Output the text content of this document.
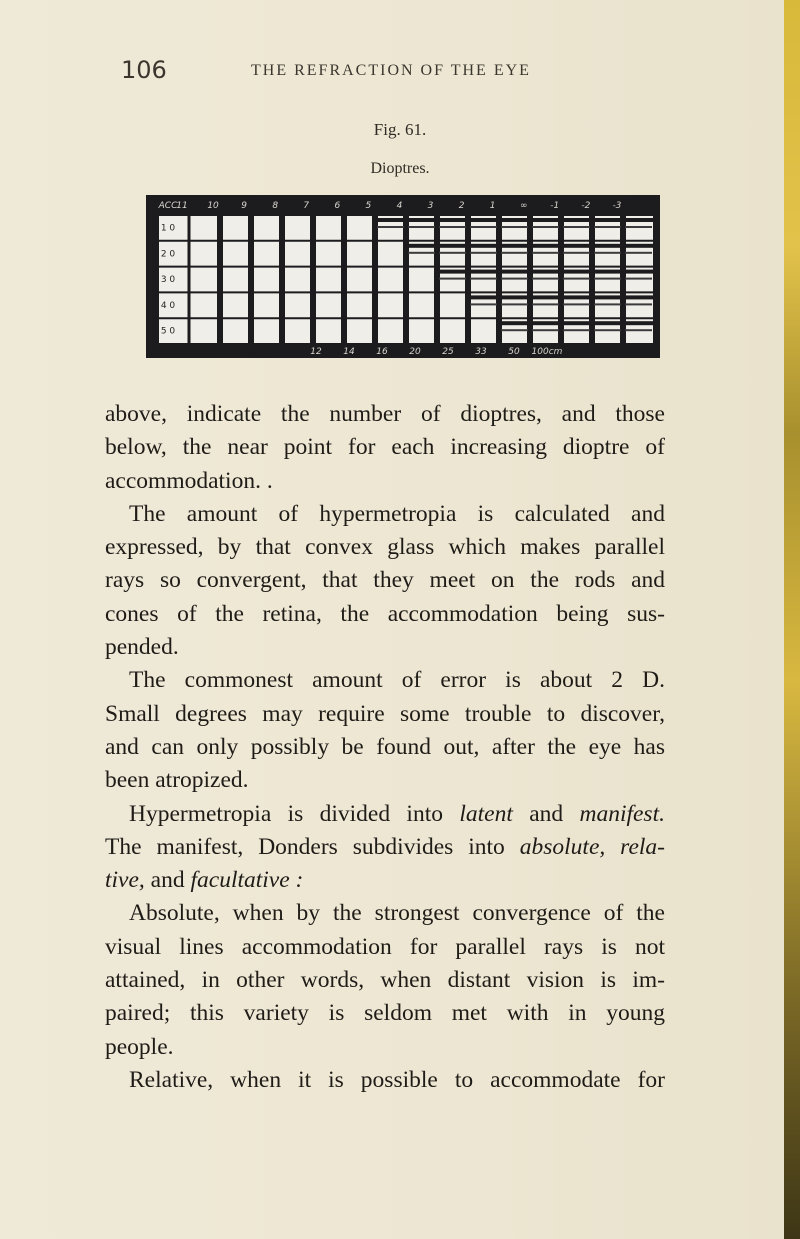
106	THE REFRACTION OF THE EYE
Fig. 61.
Dioptres.
ACC
11 10 9	8	7	6	5	4	3	2	1	∞	-1 -2 -3
1 0
2 0
3 0
4 0
5 0
12 14 16 20 25 33 50 100cm
above, indicate the number of dioptres, and those
below, the near point for each increasing dioptre of
accommodation. .
The amount of hypermetropia is calculated and
expressed, by that convex glass which makes parallel
rays so convergent, that they meet on the rods and
cones of the retina, the accommodation being sus-
pended.
The commonest amount of error is about 2 D.
Small degrees may require some trouble to discover,
and can only possibly be found out, after the eye has
been atropized.
Hypermetropia is divided into latent and manifest.
The manifest, Donders subdivides into absolute, rela-
tive, and facultative :
Absolute, when by the strongest convergence of the
visual lines accommodation for parallel rays is not
attained, in other words, when distant vision is im-
paired; this variety is seldom met with in young
people.
Relative, when it is possible to accommodate for
